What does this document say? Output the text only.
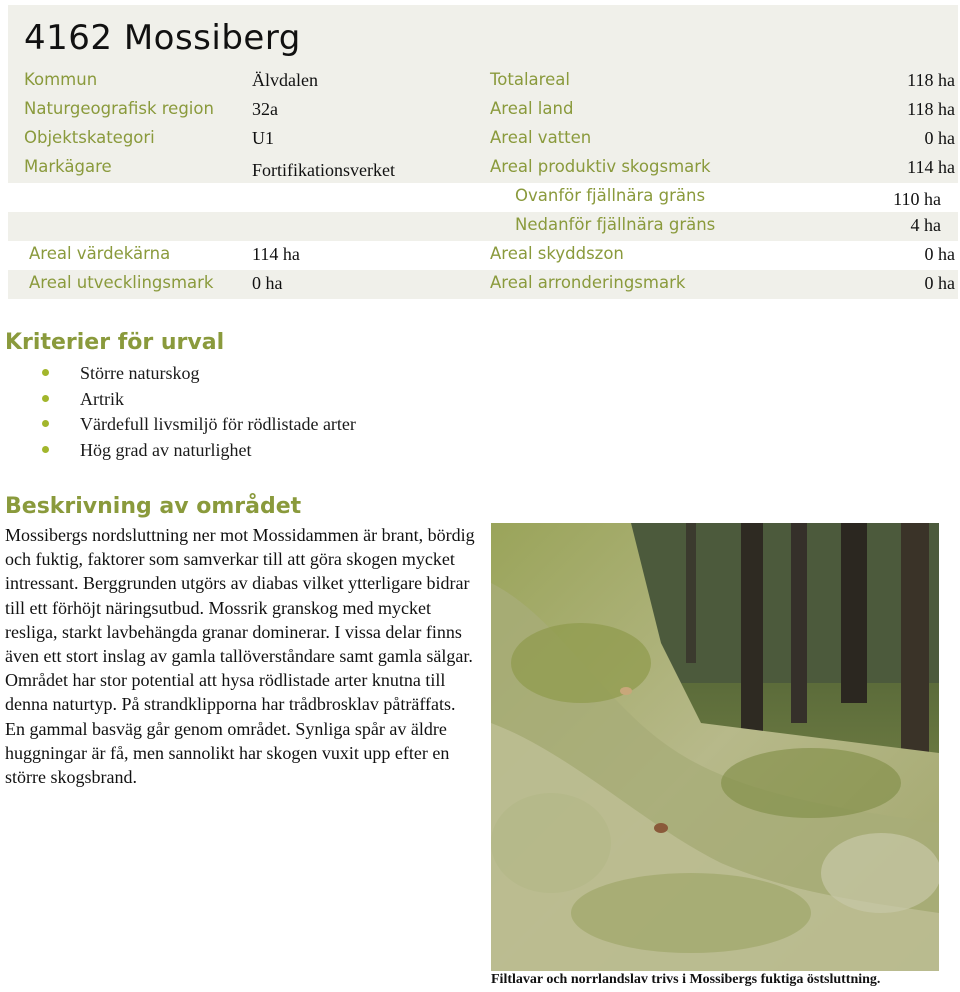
4162 Mossiberg
Kommun	Älvdalen	Totalareal	118 ha
Naturgeografisk region 32a	Areal land	118 ha
Objektskategori	U1	Areal vatten	0 ha
Markägare	Fortifikationsverket	Areal produktiv skogsmark	114 ha
Ovanför fjällnära gräns	110 ha
Nedanför fjällnära gräns	4 ha
Areal värdekärna	114 ha	Areal skyddszon	0 ha
Areal utvecklingsmark 0 ha	Areal arronderingsmark	0 ha
Kriterier för urval
Större naturskog
Artrik
Värdefull livsmiljö för rödlistade arter
Hög grad av naturlighet
Beskrivning av området

Mossibergs nordsluttning ner mot Mossidammen är brant, bördig och fuktig, faktorer som samverkar till att göra skogen mycket intressant. Berggrunden utgörs av diabas vilket ytterligare bidrar till ett förhöjt näringsutbud. Mossrik granskog med mycket resliga, starkt lavbehängda granar dominerar. I vissa delar finns även ett stort inslag av gamla tallöverståndare samt gamla sälgar. Området har stor potential att hysa rödlistade arter knutna till denna naturtyp. På strandklipporna har trådbrosklav påträffats. En gammal basväg går genom området. Synliga spår av äldre huggningar är få, men sannolikt har skogen vuxit upp efter en större skogsbrand.

Filtlavar och norrlandslav trivs i Mossibergs fuktiga östsluttning.
